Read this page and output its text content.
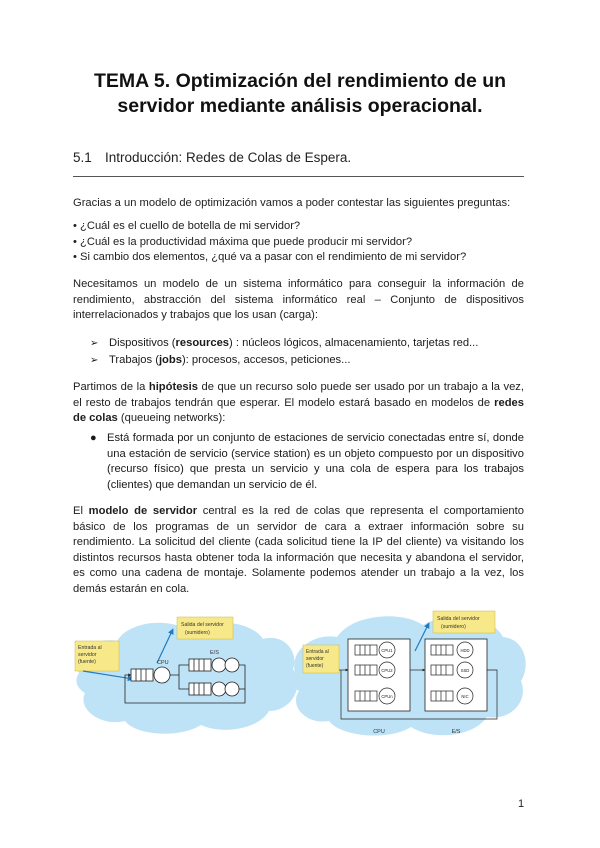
TEMA 5. Optimización del rendimiento de un
servidor mediante análisis operacional.
5.1 Introducción: Redes de Colas de Espera.
Gracias a un modelo de optimización vamos a poder contestar las siguientes preguntas:
• ¿Cuál es el cuello de botella de mi servidor?
• ¿Cuál es la productividad máxima que puede producir mi servidor?
• Si cambio dos elementos, ¿qué va a pasar con el rendimiento de mi servidor?
Necesitamos un modelo de un sistema informático para conseguir la información de rendimiento, abstracción del sistema informático real – Conjunto de dispositivos interrelacionados y trabajos que los usan (carga):
➢ Dispositivos (resources) : núcleos lógicos, almacenamiento, tarjetas red...
➢ Trabajos (jobs): procesos, accesos, peticiones...
Partimos de la hipótesis de que un recurso solo puede ser usado por un trabajo a la vez, el resto de trabajos tendrán que esperar. El modelo estará basado en modelos de redes de colas (queueing networks):
● Está formada por un conjunto de estaciones de servicio conectadas entre sí, donde una estación de servicio (service station) es un objeto compuesto por un dispositivo (recurso físico) que presta un servicio y una cola de espera para los trabajos (clientes) que demandan un servicio de él.
El modelo de servidor central es la red de colas que representa el comportamiento básico de los programas de un servidor de cara a extraer información sobre su rendimiento. La solicitud del cliente (cada solicitud tiene la IP del cliente) va visitando los distintos recursos hasta obtener toda la información que necesita y abandona el servidor, es como una cadena de montaje. Solamente podemos atender un trabajo a la vez, los demás estarán en cola.
Entrada al
servidor
(fuente)
Salida del servidor
(sumidero)
CPU
E/S	Entrada al
servidor
(fuente)
Salida del servidor
(sumidero)
CPU1
CPU2
CPUn
HDD
SSD
NIC
CPU	E/S
1
